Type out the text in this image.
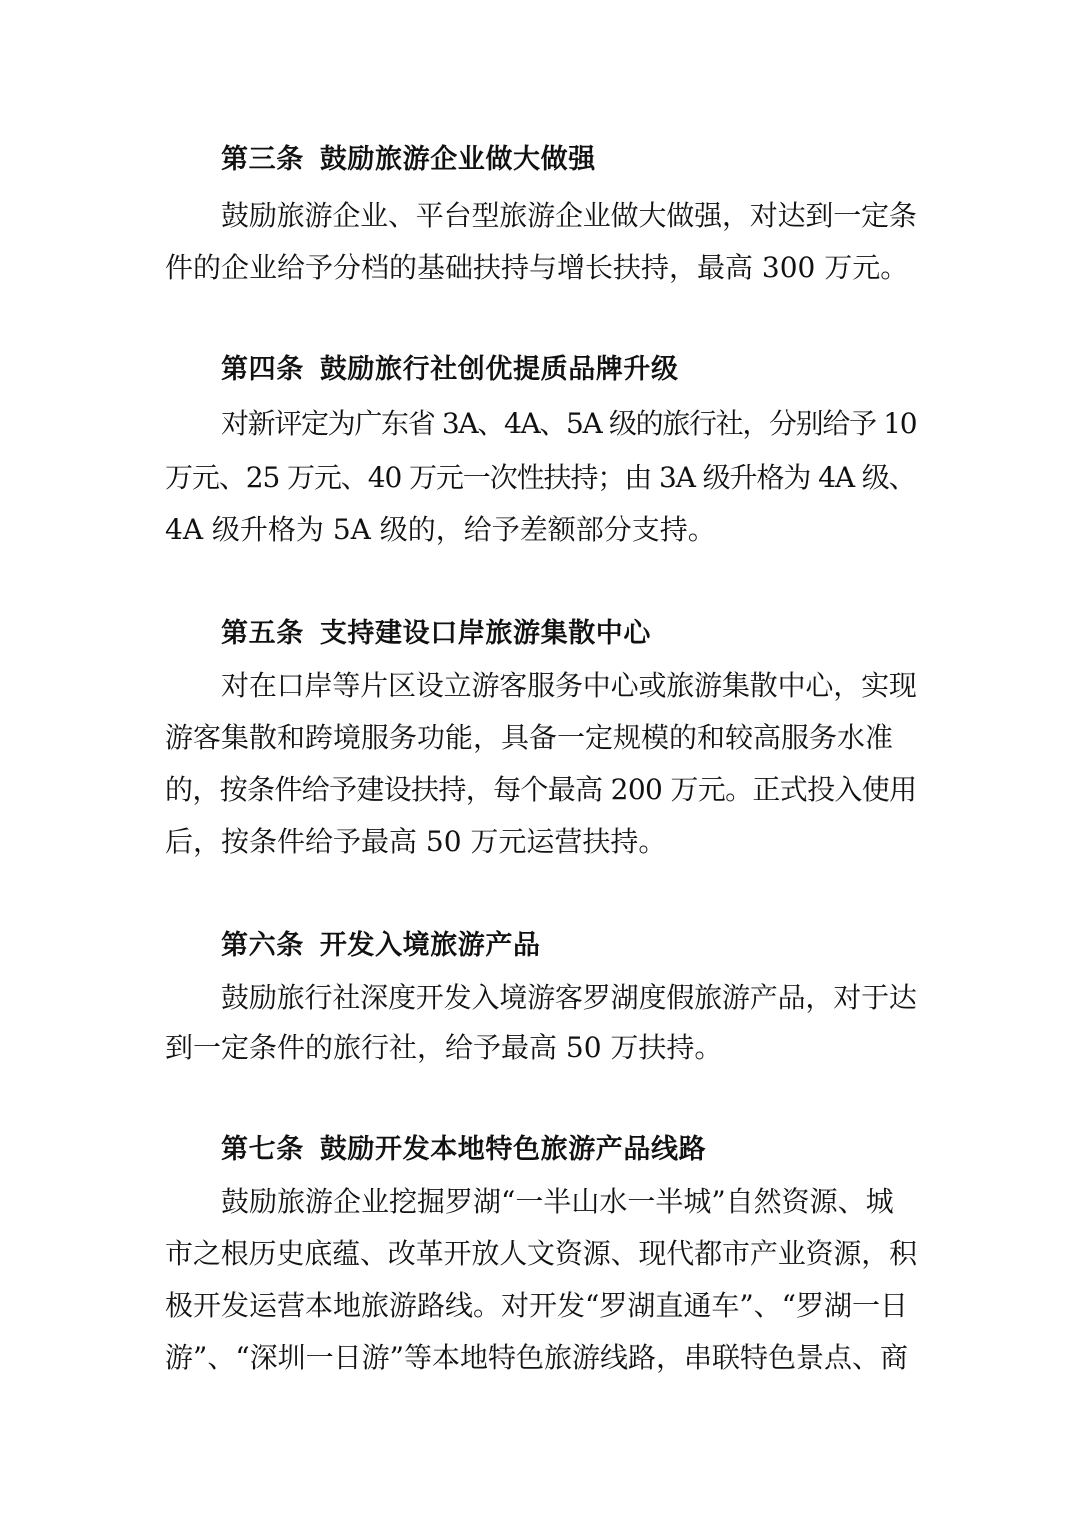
第三条 鼓励旅游企业做大做强
鼓励旅游企业、平台型旅游企业做大做强，对达到一定条
件的企业给予分档的基础扶持与增长扶持，最高 300 万元。
第四条 鼓励旅行社创优提质品牌升级
对新评定为广东省 3A、4A、5A 级的旅行社，分别给予 10
万元、25 万元、40 万元一次性扶持；由 3A 级升格为 4A 级、
4A 级升格为 5A 级的，给予差额部分支持。
第五条 支持建设口岸旅游集散中心
对在口岸等片区设立游客服务中心或旅游集散中心，实现
游客集散和跨境服务功能，具备一定规模的和较高服务水准
的，按条件给予建设扶持，每个最高 200 万元。正式投入使用
后，按条件给予最高 50 万元运营扶持。
第六条 开发入境旅游产品
鼓励旅行社深度开发入境游客罗湖度假旅游产品，对于达
到一定条件的旅行社，给予最高 50 万扶持。
第七条 鼓励开发本地特色旅游产品线路
鼓励旅游企业挖掘罗湖“一半山水一半城”自然资源、城
市之根历史底蕴、改革开放人文资源、现代都市产业资源，积
极开发运营本地旅游路线。对开发“罗湖直通车”、“罗湖一日
游”、“深圳一日游”等本地特色旅游线路，串联特色景点、商
